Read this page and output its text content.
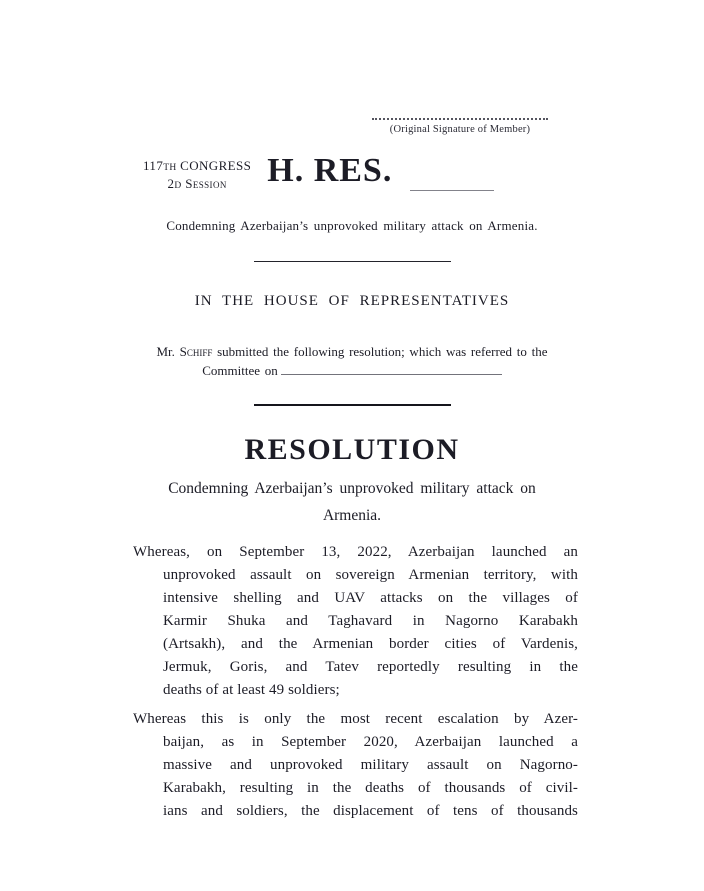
(Original Signature of Member)
117TH CONGRESS
2D Session	H. RES.
Condemning Azerbaijan’s unprovoked military attack on Armenia.
IN THE HOUSE OF REPRESENTATIVES
Mr. Schiff submitted the following resolution; which was referred to the
Committee on
RESOLUTION
Condemning Azerbaijan’s unprovoked military attack on
Armenia.
Whereas, on September 13, 2022, Azerbaijan launched an
unprovoked assault on sovereign Armenian territory, with
intensive shelling and UAV attacks on the villages of
Karmir Shuka and Taghavard in Nagorno Karabakh
(Artsakh), and the Armenian border cities of Vardenis,
Jermuk, Goris, and Tatev reportedly resulting in the
deaths of at least 49 soldiers;
Whereas this is only the most recent escalation by Azer-
baijan, as in September 2020, Azerbaijan launched a
massive and unprovoked military assault on Nagorno-
Karabakh, resulting in the deaths of thousands of civil-
ians and soldiers, the displacement of tens of thousands
